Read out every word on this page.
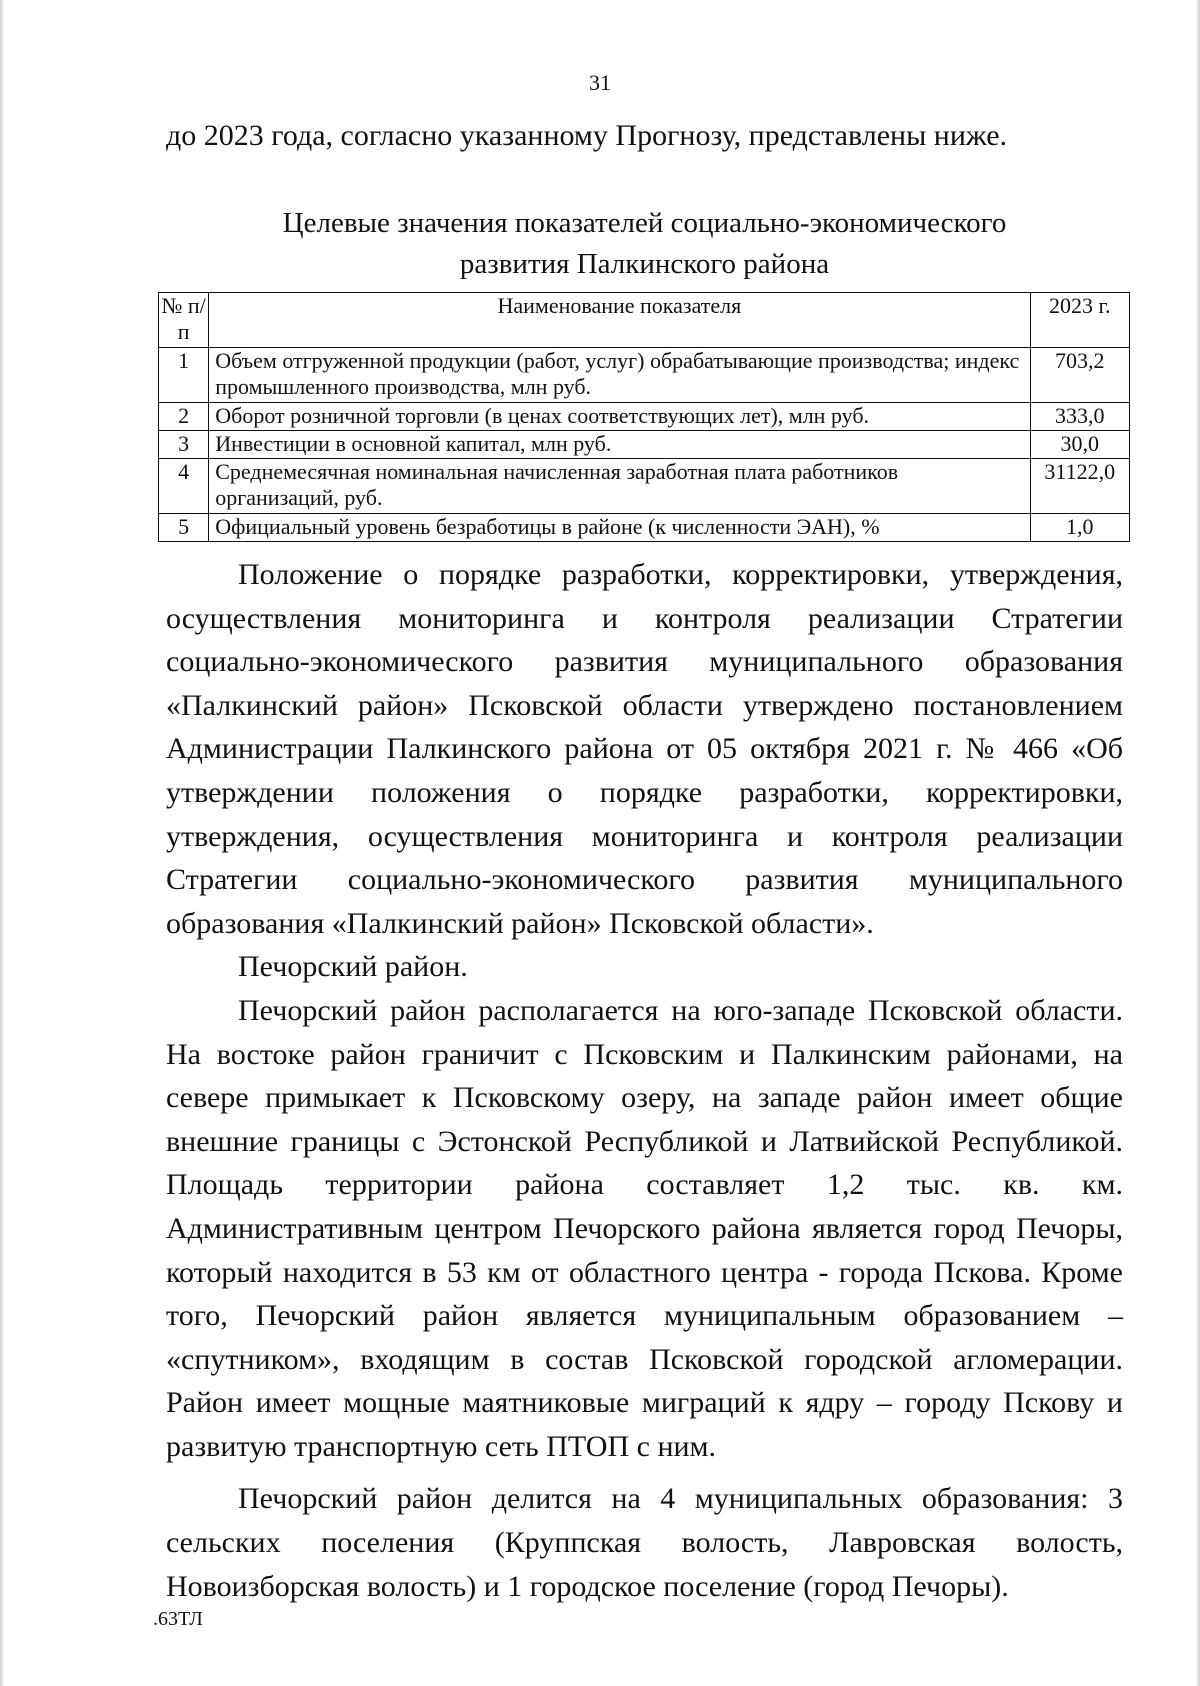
31
до 2023 года, согласно указанному Прогнозу, представлены ниже.
Целевые значения показателей социально-экономического
развития Палкинского района
№ п/п	Наименование показателя	2023 г.
1	Объем отгруженной продукции (работ, услуг) обрабатывающие производства; индекс промышленного производства, млн руб.	703,2
2	Оборот розничной торговли (в ценах соответствующих лет), млн руб.	333,0
3	Инвестиции в основной капитал, млн руб.	30,0
4	Среднемесячная номинальная начисленная заработная плата работников организаций, руб.	31122,0
5	Официальный уровень безработицы в районе (к численности ЭАН), %	1,0

Положение о порядке разработки, корректировки, утверждения, осуществления мониторинга и контроля реализации Стратегии социально-экономического развития муниципального образования «Палкинский район» Псковской области утверждено постановлением Администрации Палкинского района от 05 октября 2021 г. № 466 «Об утверждении положения о порядке разработки, корректировки, утверждения, осуществления мониторинга и контроля реализации Стратегии социально-экономического развития муниципального образования «Палкинский район» Псковской области».

Печорский район.

Печорский район располагается на юго-западе Псковской области. На востоке район граничит с Псковским и Палкинским районами, на севере примыкает к Псковскому озеру, на западе район имеет общие внешние границы с Эстонской Республикой и Латвийской Республикой. Площадь территории района составляет 1,2 тыс. кв. км. Административным центром Печорского района является город Печоры, который находится в 53 км от областного центра - города Пскова. Кроме того, Печорский район является муниципальным образованием – «спутником», входящим в состав Псковской городской агломерации. Район имеет мощные маятниковые миграций к ядру – городу Пскову и развитую транспортную сеть ПТОП с ним.

Печорский район делится на 4 муниципальных образования: 3 сельских поселения (Круппская волость, Лавровская волость, Новоизборская волость) и 1 городское поселение (город Печоры).

.63ТЛ
